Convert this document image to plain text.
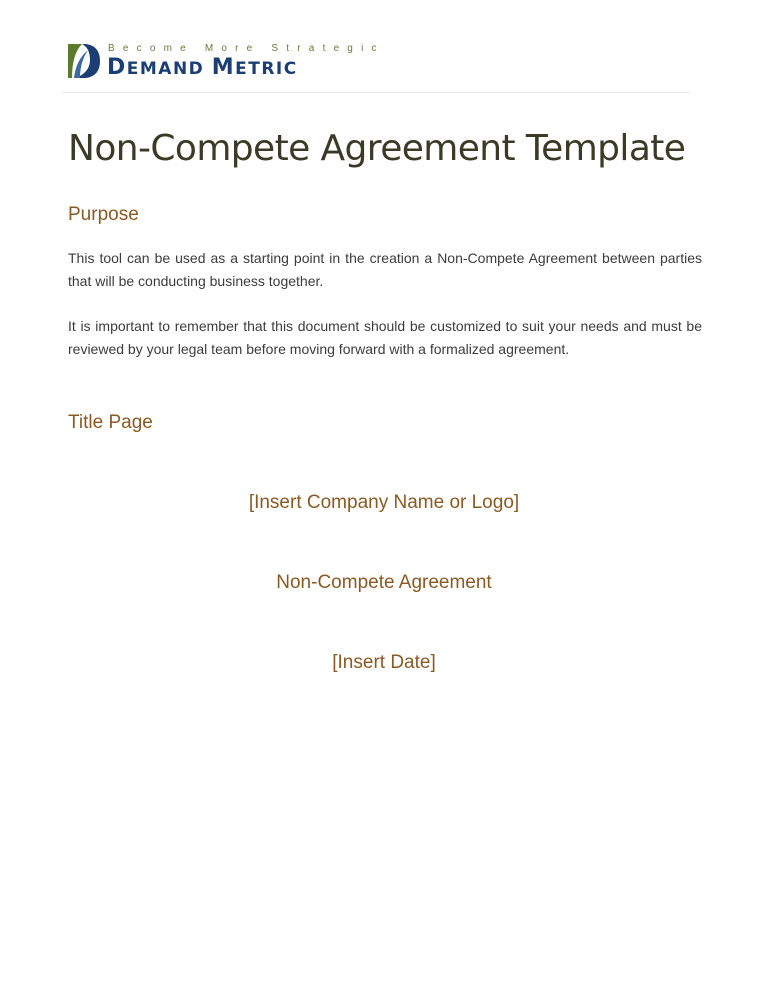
Become More Strategic
DEMAND METRIC
Non-Compete Agreement Template
Purpose

This tool can be used as a starting point in the creation a Non-Compete Agreement between parties that will be conducting business together.

It is important to remember that this document should be customized to suit your needs and must be reviewed by your legal team before moving forward with a formalized agreement.

Title Page

[Insert Company Name or Logo]

Non-Compete Agreement

[Insert Date]
